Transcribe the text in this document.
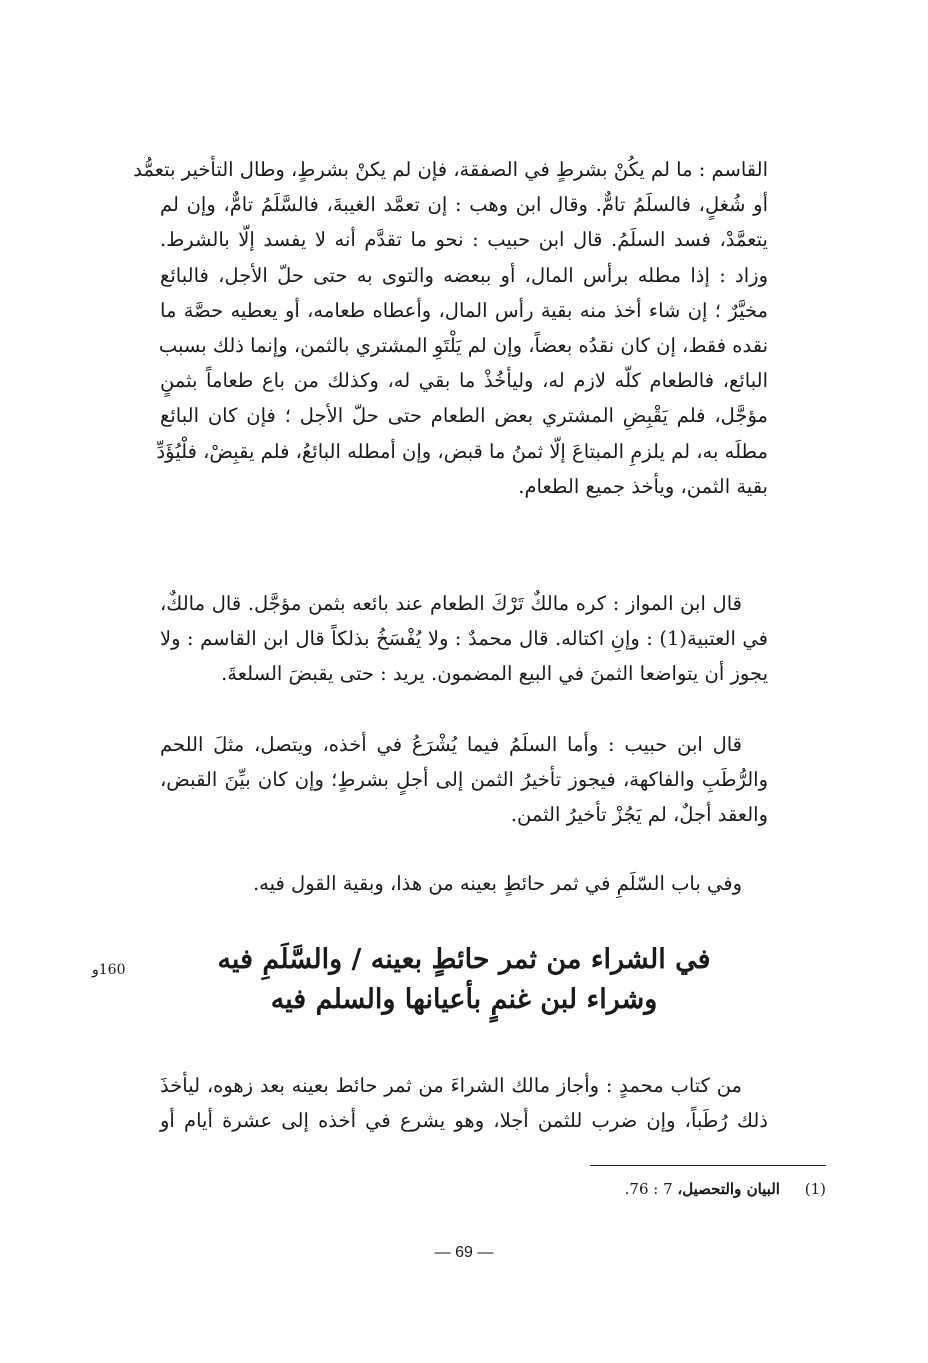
القاسم : ما لم يكُنْ بشرطٍ في الصفقة، فإن لم يكنْ بشرطٍ، وطال التأخير بتعمُّد
أو شُغلٍ، فالسلَمُ تامٌّ. وقال ابن وهب : إن تعمَّد الغيبةَ، فالسَّلَمُ تامٌّ، وإن لم
يتعمَّدْ، فسد السلَمُ. قال ابن حبيب : نحو ما تقدَّم أنه لا يفسد إلّا بالشرط.
وزاد : إذا مطله برأس المال، أو ببعضه والتوى به حتى حلّ الأجل، فالبائع
مخيَّرٌ ؛ إن شاء أخذ منه بقية رأس المال، وأعطاه طعامه، أو يعطيه حصَّة ما
نقده فقط، إن كان نقدُه بعضاً، وإن لم يَلْتَوِ المشتري بالثمن، وإنما ذلك بسبب
البائع، فالطعام كلّه لازم له، وليأخُذْ ما بقي له، وكذلك من باع طعاماً بثمنٍ
مؤجَّل، فلم يَقْبِضِ المشتري بعض الطعام حتى حلّ الأجل ؛ فإن كان البائع
مطلَه به، لم يلزمِ المبتاعَ إلّا ثمنُ ما قبض، وإن أمطله البائعُ، فلم يقبِضْ، فلْيُؤَدِّ
بقية الثمن، ويأخذ جميع الطعام.
قال ابن المواز : كره مالكٌ تَرْكَ الطعام عند بائعه بثمن مؤجَّل. قال مالكٌ،
في العتبية(1) : وإنِ اكتاله. قال محمدٌ : ولا يُفْسَخُ بذلكاً قال ابن القاسم : ولا
يجوز أن يتواضعا الثمنَ في البيع المضمون. يريد : حتى يقبضَ السلعةَ.
قال ابن حبيب : وأما السلَمُ فيما يُشْرَعُ في أخذه، ويتصل، مثلَ اللحم
والرُّطَبِ والفاكهة، فيجوز تأخيرُ الثمن إلى أجلٍ بشرطٍ؛ وإن كان بيِّنَ القبض،
والعقد أجلٌ، لم يَجُزْ تأخيرُ الثمن.
وفي باب السّلَمِ في ثمر حائطٍ بعينه من هذا، وبقية القول فيه.
في الشراء من ثمر حائطٍ بعينه / والسَّلَمِ فيه
وشراء لبن غنمٍ بأعيانها والسلم فيه
160و
من كتاب محمدٍ : وأجاز مالك الشراءَ من ثمر حائط بعينه بعد زهوه، ليأخذَ
ذلك رُطَباً، وإن ضرب للثمن أجلا، وهو يشرع في أخذه إلى عشرة أيام أو
(1) البيان والتحصيل، 7 : 76.
— 69 —
